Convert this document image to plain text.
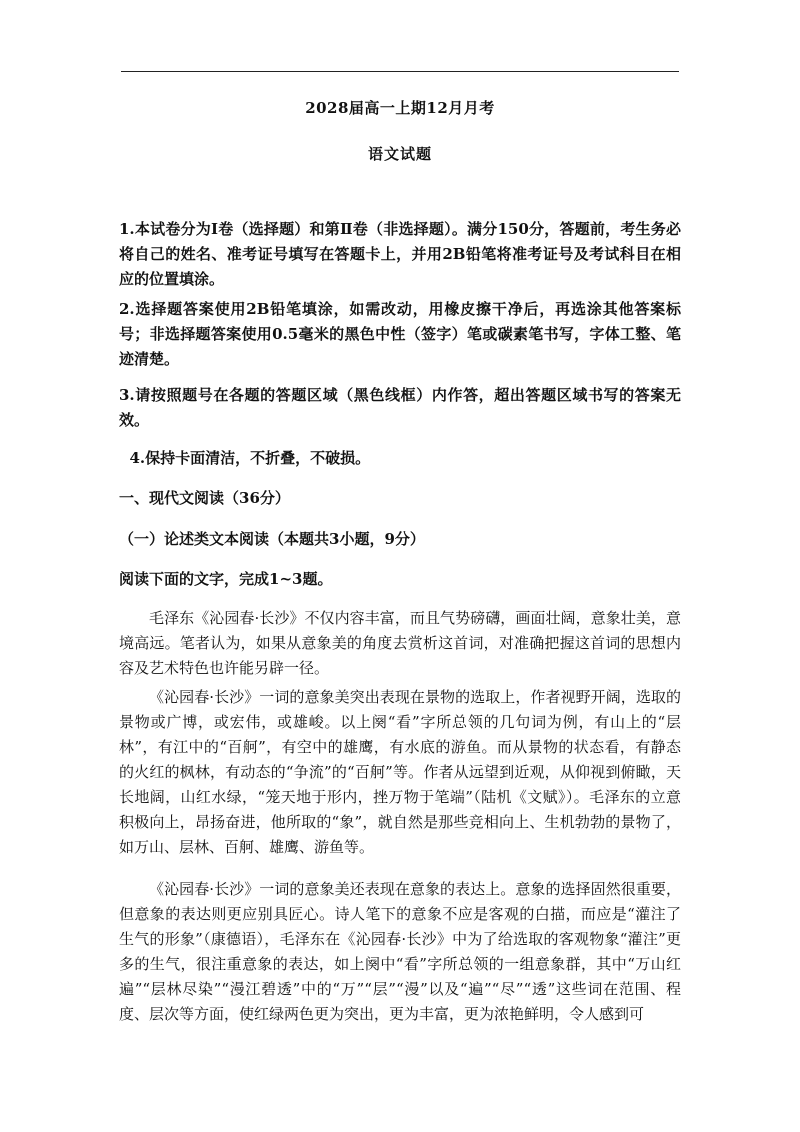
2028届高一上期12月月考
语文试题
1.本试卷分为Ⅰ卷（选择题）和第Ⅱ卷（非选择题）。满分150分，答题前，考生务必将自己的姓名、准考证号填写在答题卡上，并用2B铅笔将准考证号及考试科目在相应的位置填涂。
2.选择题答案使用2B铅笔填涂，如需改动，用橡皮擦干净后，再选涂其他答案标号；非选择题答案使用0.5毫米的黑色中性（签字）笔或碳素笔书写，字体工整、笔迹清楚。
3.请按照题号在各题的答题区域（黑色线框）内作答，超出答题区域书写的答案无效。
4.保持卡面清洁，不折叠，不破损。
一、现代文阅读（36分）
（一）论述类文本阅读（本题共3小题，9分）
阅读下面的文字，完成1~3题。
毛泽东《沁园春·长沙》不仅内容丰富，而且气势磅礴，画面壮阔，意象壮美，意境高远。笔者认为，如果从意象美的角度去赏析这首词，对准确把握这首词的思想内容及艺术特色也许能另辟一径。
《沁园春·长沙》一词的意象美突出表现在景物的选取上，作者视野开阔，选取的景物或广博，或宏伟，或雄峻。以上阕“看”字所总领的几句词为例，有山上的“层林”，有江中的“百舸”，有空中的雄鹰，有水底的游鱼。而从景物的状态看，有静态的火红的枫林，有动态的“争流”的“百舸”等。作者从远望到近观，从仰视到俯瞰，天长地阔，山红水绿，“笼天地于形内，挫万物于笔端”（陆机《文赋》）。毛泽东的立意积极向上，昂扬奋进，他所取的“象”，就自然是那些竞相向上、生机勃勃的景物了，如万山、层林、百舸、雄鹰、游鱼等。
《沁园春·长沙》一词的意象美还表现在意象的表达上。意象的选择固然很重要，但意象的表达则更应别具匠心。诗人笔下的意象不应是客观的白描，而应是“灌注了生气的形象”（康德语），毛泽东在《沁园春·长沙》中为了给选取的客观物象“灌注”更多的生气，很注重意象的表达，如上阕中“看”字所总领的一组意象群，其中“万山红遍”“层林尽染”“漫江碧透”中的“万”“层”“漫”以及“遍”“尽”“透”这些词在范围、程度、层次等方面，使红绿两色更为突出，更为丰富，更为浓艳鲜明，令人感到可
